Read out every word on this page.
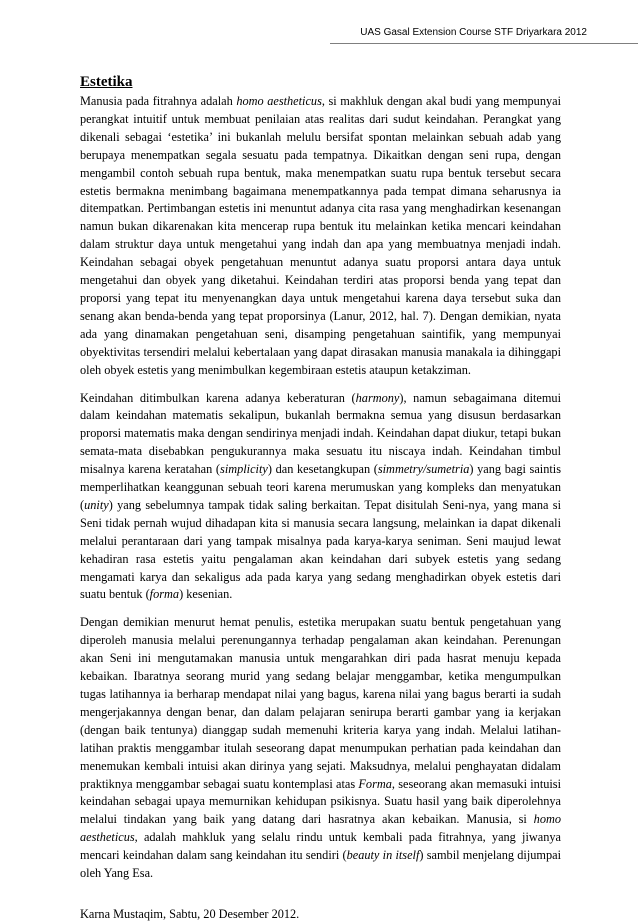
UAS Gasal Extension Course STF Driyarkara 2012
Estetika
Manusia pada fitrahnya adalah homo aestheticus, si makhluk dengan akal budi yang mempunyai perangkat intuitif untuk membuat penilaian atas realitas dari sudut keindahan. Perangkat yang dikenali sebagai ‘estetika’ ini bukanlah melulu bersifat spontan melainkan sebuah adab yang berupaya menempatkan segala sesuatu pada tempatnya. Dikaitkan dengan seni rupa, dengan mengambil contoh sebuah rupa bentuk, maka menempatkan suatu rupa bentuk tersebut secara estetis bermakna menimbang bagaimana menempatkannya pada tempat dimana seharusnya ia ditempatkan. Pertimbangan estetis ini menuntut adanya cita rasa yang menghadirkan kesenangan namun bukan dikarenakan kita mencerap rupa bentuk itu melainkan ketika mencari keindahan dalam struktur daya untuk mengetahui yang indah dan apa yang membuatnya menjadi indah. Keindahan sebagai obyek pengetahuan menuntut adanya suatu proporsi antara daya untuk mengetahui dan obyek yang diketahui. Keindahan terdiri atas proporsi benda yang tepat dan proporsi yang tepat itu menyenangkan daya untuk mengetahui karena daya tersebut suka dan senang akan benda-benda yang tepat proporsinya (Lanur, 2012, hal. 7). Dengan demikian, nyata ada yang dinamakan pengetahuan seni, disamping pengetahuan saintifik, yang mempunyai obyektivitas tersendiri melalui kebertalaan yang dapat dirasakan manusia manakala ia dihinggapi oleh obyek estetis yang menimbulkan kegembiraan estetis ataupun ketakziman.
Keindahan ditimbulkan karena adanya keberaturan (harmony), namun sebagaimana ditemui dalam keindahan matematis sekalipun, bukanlah bermakna semua yang disusun berdasarkan proporsi matematis maka dengan sendirinya menjadi indah. Keindahan dapat diukur, tetapi bukan semata-mata disebabkan pengukurannya maka sesuatu itu niscaya indah. Keindahan timbul misalnya karena keratahan (simplicity) dan kesetangkupan (simmetry/sumetria) yang bagi saintis memperlihatkan keanggunan sebuah teori karena merumuskan yang kompleks dan menyatukan (unity) yang sebelumnya tampak tidak saling berkaitan. Tepat disitulah Seni-nya, yang mana si Seni tidak pernah wujud dihadapan kita si manusia secara langsung, melainkan ia dapat dikenali melalui perantaraan dari yang tampak misalnya pada karya-karya seniman. Seni maujud lewat kehadiran rasa estetis yaitu pengalaman akan keindahan dari subyek estetis yang sedang mengamati karya dan sekaligus ada pada karya yang sedang menghadirkan obyek estetis dari suatu bentuk (forma) kesenian.
Dengan demikian menurut hemat penulis, estetika merupakan suatu bentuk pengetahuan yang diperoleh manusia melalui perenungannya terhadap pengalaman akan keindahan. Perenungan akan Seni ini mengutamakan manusia untuk mengarahkan diri pada hasrat menuju kepada kebaikan. Ibaratnya seorang murid yang sedang belajar menggambar, ketika mengumpulkan tugas latihannya ia berharap mendapat nilai yang bagus, karena nilai yang bagus berarti ia sudah mengerjakannya dengan benar, dan dalam pelajaran senirupa berarti gambar yang ia kerjakan (dengan baik tentunya) dianggap sudah memenuhi kriteria karya yang indah. Melalui latihan-latihan praktis menggambar itulah seseorang dapat menumpukan perhatian pada keindahan dan menemukan kembali intuisi akan dirinya yang sejati. Maksudnya, melalui penghayatan didalam praktiknya menggambar sebagai suatu kontemplasi atas Forma, seseorang akan memasuki intuisi keindahan sebagai upaya memurnikan kehidupan psikisnya. Suatu hasil yang baik diperolehnya melalui tindakan yang baik yang datang dari hasratnya akan kebaikan. Manusia, si homo aestheticus, adalah mahkluk yang selalu rindu untuk kembali pada fitrahnya, yang jiwanya mencari keindahan dalam sang keindahan itu sendiri (beauty in itself) sambil menjelang dijumpai oleh Yang Esa.
Karna Mustaqim, Sabtu, 20 Desember 2012.
